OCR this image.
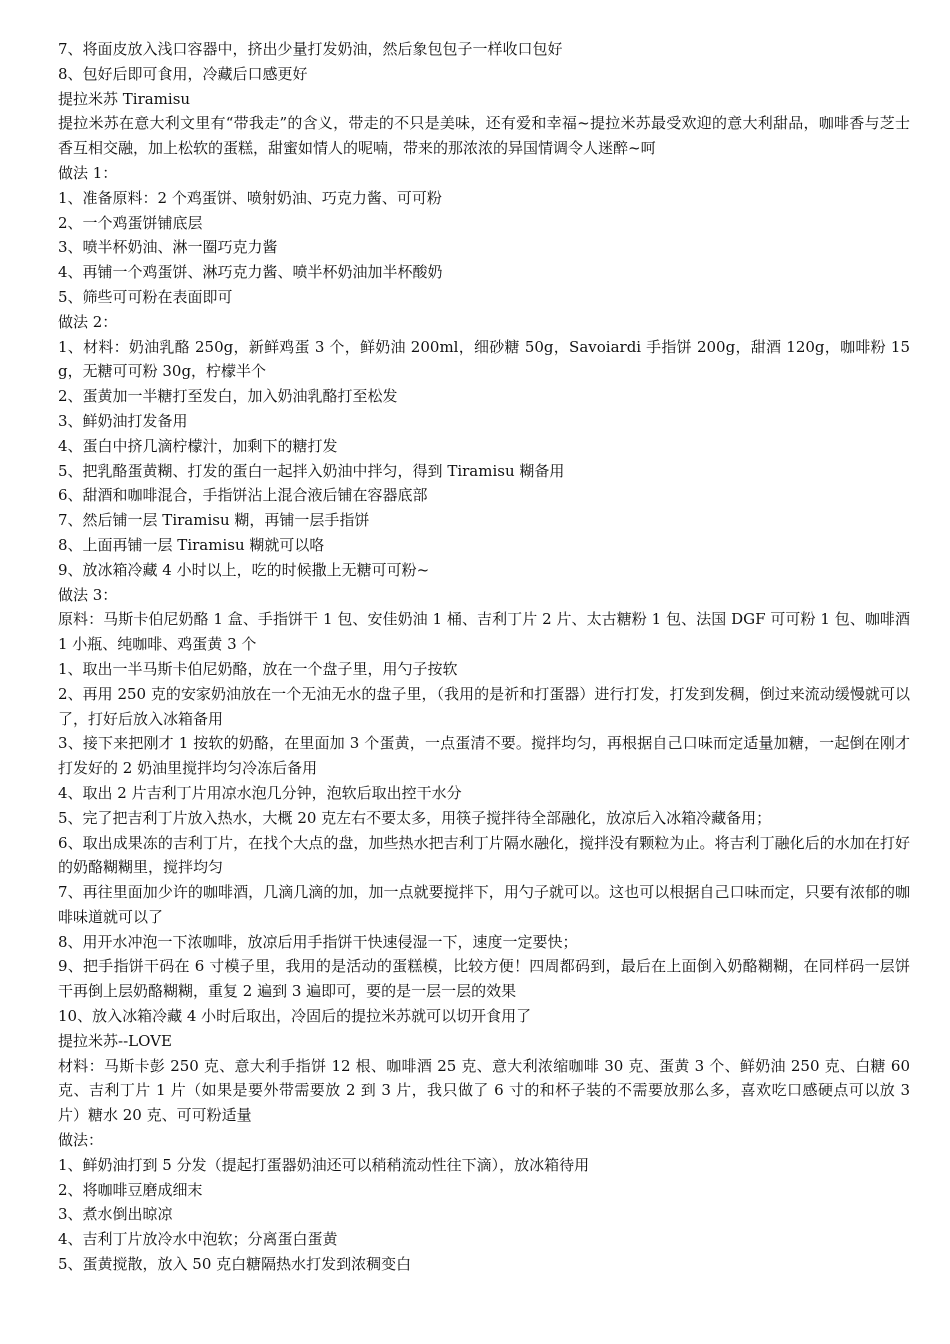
7、将面皮放入浅口容器中，挤出少量打发奶油，然后象包包子一样收口包好

8、包好后即可食用，冷藏后口感更好

提拉米苏 Tiramisu

提拉米苏在意大利文里有“带我走”的含义，带走的不只是美味，还有爱和幸福~提拉米苏最受欢迎的意大利甜品，咖啡香与芝士香互相交融，加上松软的蛋糕，甜蜜如情人的呢喃，带来的那浓浓的异国情调令人迷醉~呵

做法 1：

1、准备原料：2 个鸡蛋饼、喷射奶油、巧克力酱、可可粉

2、一个鸡蛋饼铺底层

3、喷半杯奶油、淋一圈巧克力酱

4、再铺一个鸡蛋饼、淋巧克力酱、喷半杯奶油加半杯酸奶

5、筛些可可粉在表面即可

做法 2：

1、材料：奶油乳酪 250g，新鲜鸡蛋 3 个，鲜奶油 200ml，细砂糖 50g，Savoiardi 手指饼 200g，甜酒 120g，咖啡粉 15g，无糖可可粉 30g，柠檬半个

2、蛋黄加一半糖打至发白，加入奶油乳酪打至松发

3、鲜奶油打发备用

4、蛋白中挤几滴柠檬汁，加剩下的糖打发

5、把乳酪蛋黄糊、打发的蛋白一起拌入奶油中拌匀，得到 Tiramisu 糊备用

6、甜酒和咖啡混合，手指饼沾上混合液后铺在容器底部

7、然后铺一层 Tiramisu 糊，再铺一层手指饼

8、上面再铺一层 Tiramisu 糊就可以咯

9、放冰箱冷藏 4 小时以上，吃的时候撒上无糖可可粉~

做法 3：

原料：马斯卡伯尼奶酪 1 盒、手指饼干 1 包、安佳奶油 1 桶、吉利丁片 2 片、太古糖粉 1 包、法国 DGF 可可粉 1 包、咖啡酒 1 小瓶、纯咖啡、鸡蛋黄 3 个

1、取出一半马斯卡伯尼奶酪，放在一个盘子里，用勺子按软

2、再用 250 克的安家奶油放在一个无油无水的盘子里，（我用的是祈和打蛋器）进行打发，打发到发稠，倒过来流动缓慢就可以了，打好后放入冰箱备用

3、接下来把刚才 1 按软的奶酪，在里面加 3 个蛋黄，一点蛋清不要。搅拌均匀，再根据自己口味而定适量加糖，一起倒在刚才打发好的 2 奶油里搅拌均匀冷冻后备用

4、取出 2 片吉利丁片用凉水泡几分钟，泡软后取出控干水分

5、完了把吉利丁片放入热水，大概 20 克左右不要太多，用筷子搅拌待全部融化，放凉后入冰箱冷藏备用；

6、取出成果冻的吉利丁片，在找个大点的盘，加些热水把吉利丁片隔水融化，搅拌没有颗粒为止。将吉利丁融化后的水加在打好的奶酪糊糊里，搅拌均匀

7、再往里面加少许的咖啡酒，几滴几滴的加，加一点就要搅拌下，用勺子就可以。这也可以根据自己口味而定，只要有浓郁的咖啡味道就可以了

8、用开水冲泡一下浓咖啡，放凉后用手指饼干快速侵湿一下，速度一定要快；

9、把手指饼干码在 6 寸模子里，我用的是活动的蛋糕模，比较方便！四周都码到，最后在上面倒入奶酪糊糊，在同样码一层饼干再倒上层奶酪糊糊，重复 2 遍到 3 遍即可，要的是一层一层的效果

10、放入冰箱冷藏 4 小时后取出，冷固后的提拉米苏就可以切开食用了

提拉米苏--LOVE

材料：马斯卡彭 250 克、意大利手指饼 12 根、咖啡酒 25 克、意大利浓缩咖啡 30 克、蛋黄 3 个、鲜奶油 250 克、白糖 60 克、吉利丁片 1 片（如果是要外带需要放 2 到 3 片，我只做了 6 寸的和杯子装的不需要放那么多，喜欢吃口感硬点可以放 3 片）糖水 20 克、可可粉适量

做法：

1、鲜奶油打到 5 分发（提起打蛋器奶油还可以稍稍流动性往下滴），放冰箱待用

2、将咖啡豆磨成细末

3、煮水倒出晾凉

4、吉利丁片放冷水中泡软；分离蛋白蛋黄

5、蛋黄搅散，放入 50 克白糖隔热水打发到浓稠变白
